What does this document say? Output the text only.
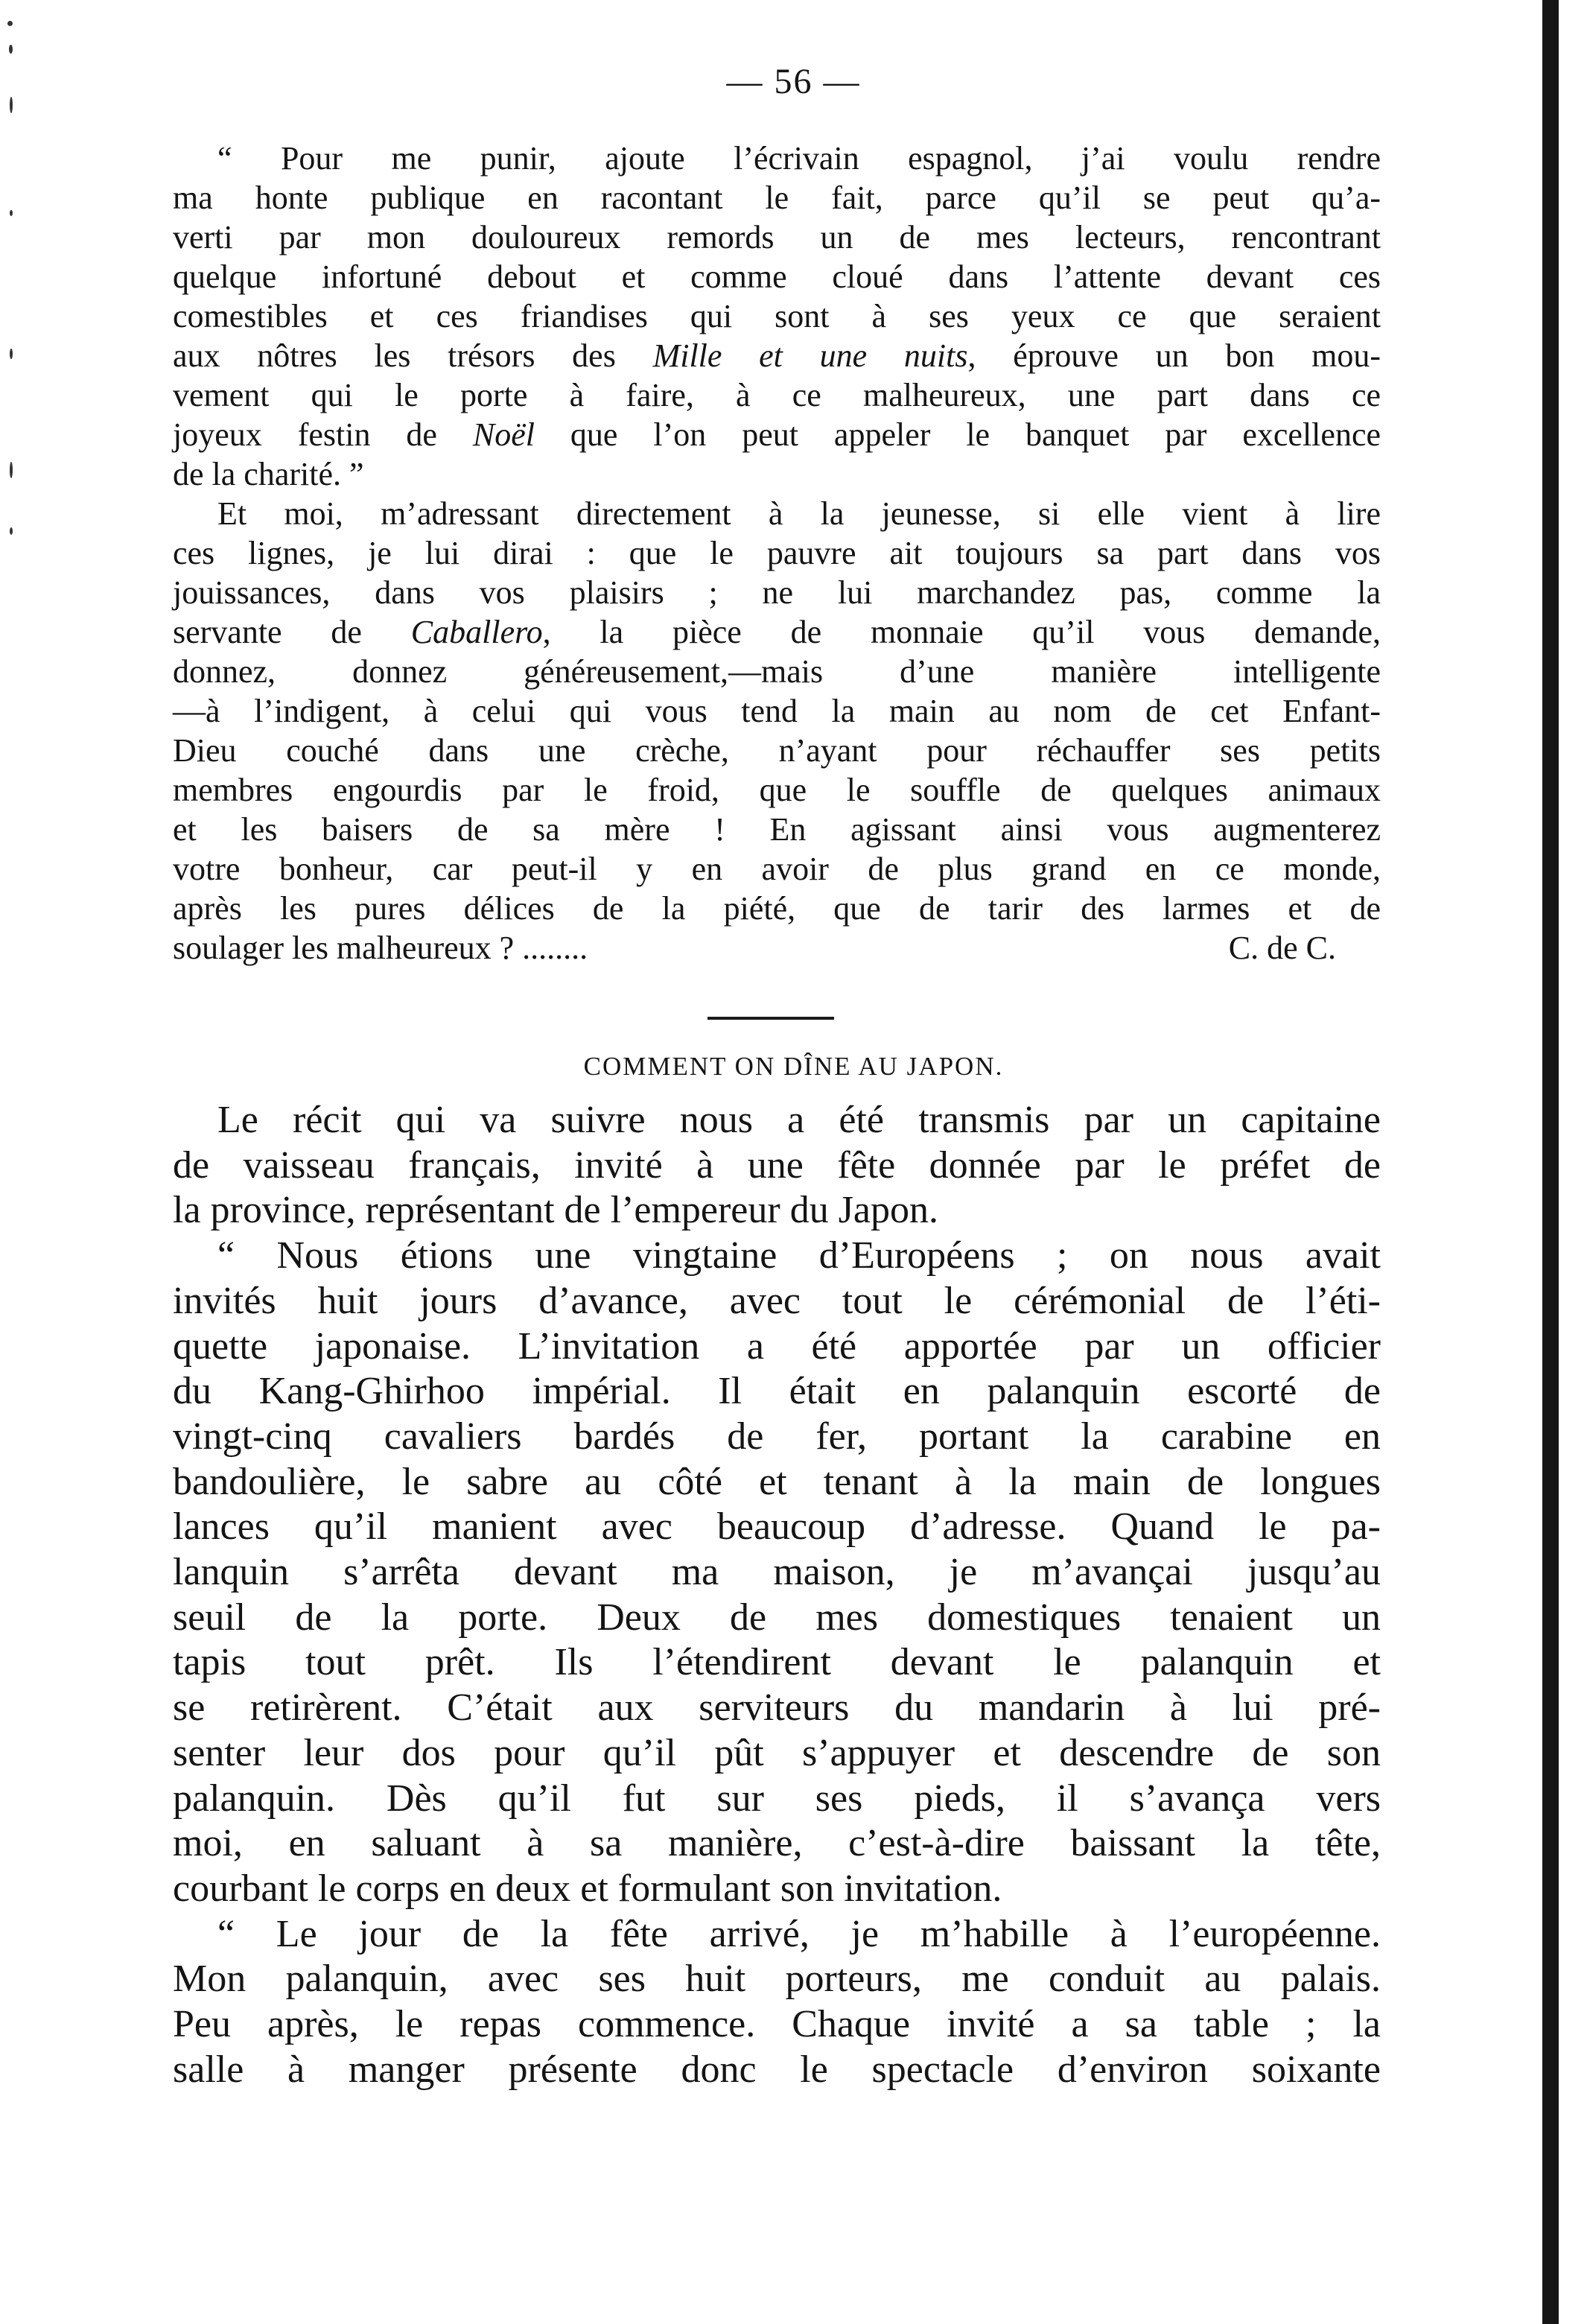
— 56 —
“ Pour me punir, ajoute l’écrivain espagnol, j’ai voulu rendre
ma honte publique en racontant le fait, parce qu’il se peut qu’a-
verti par mon douloureux remords un de mes lecteurs, rencontrant
quelque infortuné debout et comme cloué dans l’attente devant ces
comestibles et ces friandises qui sont à ses yeux ce que seraient
aux nôtres les trésors des Mille et une nuits, éprouve un bon mou-
vement qui le porte à faire, à ce malheureux, une part dans ce
joyeux festin de Noël que l’on peut appeler le banquet par excellence
de la charité. ”
Et moi, m’adressant directement à la jeunesse, si elle vient à lire
ces lignes, je lui dirai : que le pauvre ait toujours sa part dans vos
jouissances, dans vos plaisirs ; ne lui marchandez pas, comme la
servante de Caballero, la pièce de monnaie qu’il vous demande,
donnez, donnez généreusement,—mais d’une manière intelligente
—à l’indigent, à celui qui vous tend la main au nom de cet Enfant-
Dieu couché dans une crèche, n’ayant pour réchauffer ses petits
membres engourdis par le froid, que le souffle de quelques animaux
et les baisers de sa mère ! En agissant ainsi vous augmenterez
votre bonheur, car peut-il y en avoir de plus grand en ce monde,
après les pures délices de la piété, que de tarir des larmes et de
soulager les malheureux ? ........	C. de C.
COMMENT ON DÎNE AU JAPON.
Le récit qui va suivre nous a été transmis par un capitaine
de vaisseau français, invité à une fête donnée par le préfet de
la province, représentant de l’empereur du Japon.
“ Nous étions une vingtaine d’Européens ; on nous avait
invités huit jours d’avance, avec tout le cérémonial de l’éti-
quette japonaise. L’invitation a été apportée par un officier
du Kang-Ghirhoo impérial. Il était en palanquin escorté de
vingt-cinq cavaliers bardés de fer, portant la carabine en
bandoulière, le sabre au côté et tenant à la main de longues
lances qu’il manient avec beaucoup d’adresse. Quand le pa-
lanquin s’arrêta devant ma maison, je m’avançai jusqu’au
seuil de la porte. Deux de mes domestiques tenaient un
tapis tout prêt. Ils l’étendirent devant le palanquin et
se retirèrent. C’était aux serviteurs du mandarin à lui pré-
senter leur dos pour qu’il pût s’appuyer et descendre de son
palanquin. Dès qu’il fut sur ses pieds, il s’avança vers
moi, en saluant à sa manière, c’est-à-dire baissant la tête,
courbant le corps en deux et formulant son invitation.
“ Le jour de la fête arrivé, je m’habille à l’européenne.
Mon palanquin, avec ses huit porteurs, me conduit au palais.
Peu après, le repas commence. Chaque invité a sa table ; la
salle à manger présente donc le spectacle d’environ soixante
